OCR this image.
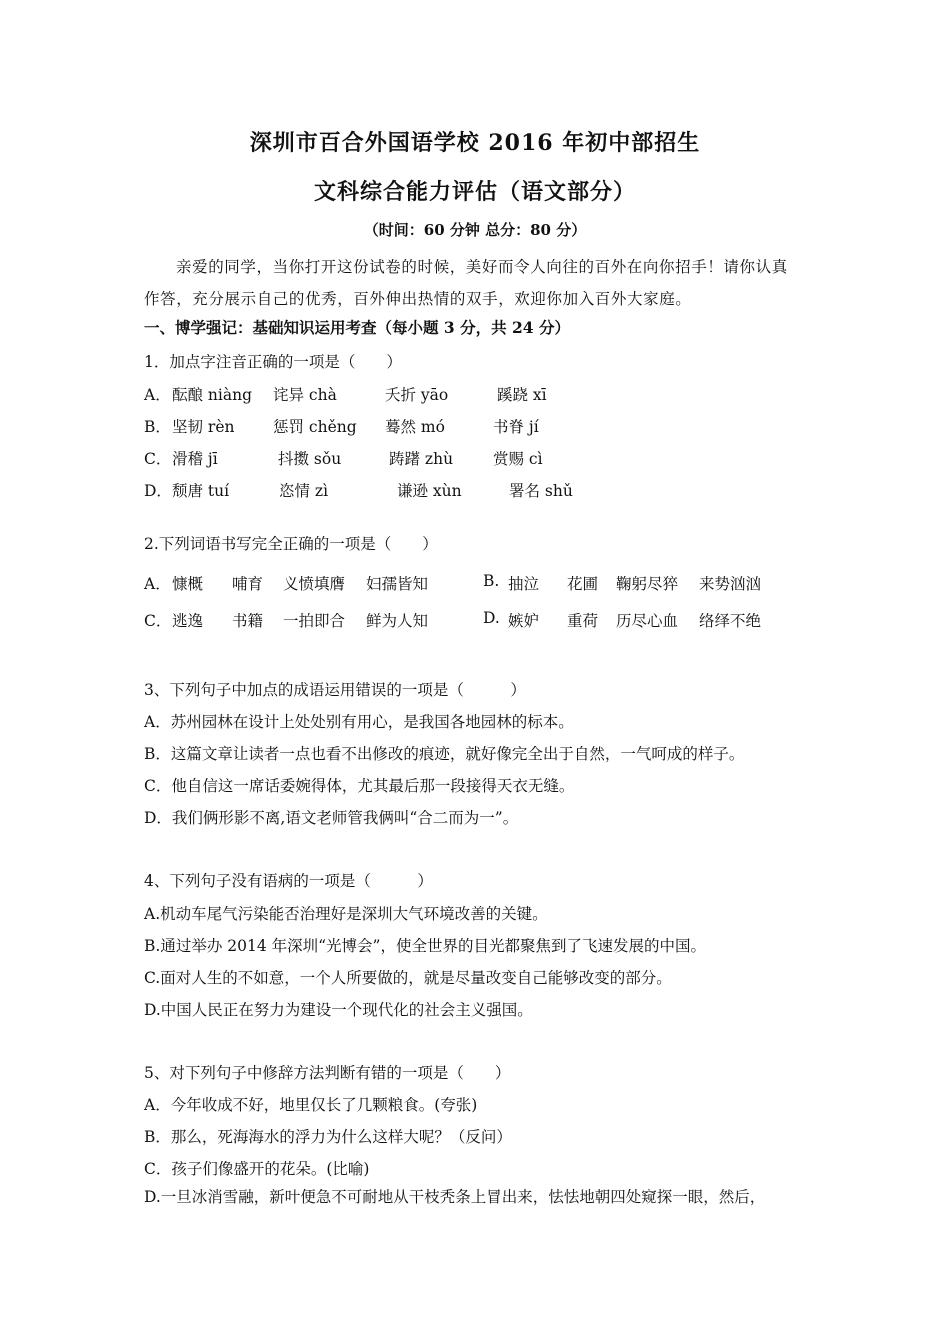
深圳市百合外国语学校 2016 年初中部招生
文科综合能力评估（语文部分）
（时间：60 分钟 总分：80 分）
亲爱的同学，当你打开这份试卷的时候，美好而令人向往的百外在向你招手！请你认真
作答，充分展示自己的优秀，百外伸出热情的双手，欢迎你加入百外大家庭。
一、博学强记：基础知识运用考查（每小题 3 分，共 24 分）
1．加点字注音正确的一项是（　　）
A． 酝酿 niàng 诧异 chà	夭折 yāo	蹊跷 xī
B． 坚韧 rèn 惩罚 chěng 蓦然 mó	书脊 jí
C． 滑稽 jī	抖擞 sǒu	踌躇 zhù	赏赐 cì
D． 颓唐 tuí	恣情 zì	谦逊 xùn	署名 shǔ
2.下列词语书写完全正确的一项是（　　）
A． 慷概 哺育 义愤填膺 妇孺皆知	B. 抽泣 花圃 鞠躬尽猝 来势汹汹
C． 逃逸 书籍 一拍即合 鲜为人知	D. 嫉妒 重荷 历尽心血 络绎不绝
3、下列句子中加点的成语运用错误的一项是（　　　）
A．苏州园林在设计上处处别有用心，是我国各地园林的标本。
B．这篇文章让读者一点也看不出修改的痕迹，就好像完全出于自然，一气呵成的样子。
C．他自信这一席话委婉得体，尤其最后那一段接得天衣无缝。
D．我们俩形影不离,语文老师管我俩叫“合二而为一”。
4、下列句子没有语病的一项是（　　　）
A.机动车尾气污染能否治理好是深圳大气环境改善的关键。
B.通过举办 2014 年深圳“光博会”，使全世界的目光都聚焦到了飞速发展的中国。
C.面对人生的不如意，一个人所要做的，就是尽量改变自己能够改变的部分。
D.中国人民正在努力为建设一个现代化的社会主义强国。
5、对下列句子中修辞方法判断有错的一项是（　　）
A．今年收成不好，地里仅长了几颗粮食。(夸张)
B．那么，死海海水的浮力为什么这样大呢？（反问）
C．孩子们像盛开的花朵。(比喻)
D.一旦冰消雪融，新叶便急不可耐地从干枝秃条上冒出来，怯怯地朝四处窥探一眼，然后，
